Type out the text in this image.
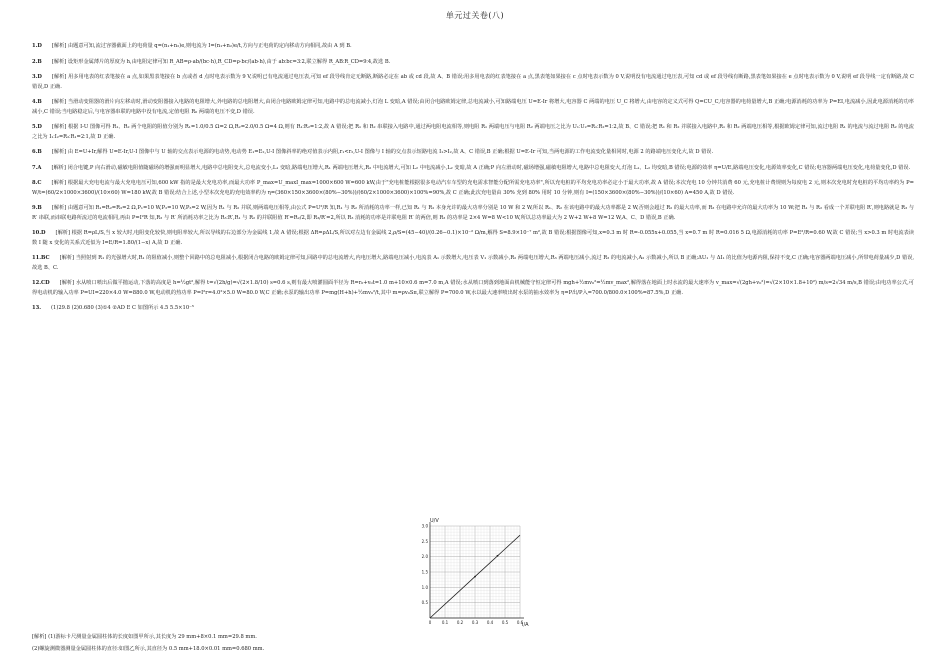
单元过关卷(八)

1.D [解析] 由题意可知,流过容器截面上的电荷量 q=(n₁+n₂)e,则电流为 I=(n₁+n₂)e/t,方向与正电荷的定向移动方向相同,故由 A 到 B.

2.B [解析] 设矩形金属薄片的厚度为 h,由电阻定律可知 R_AB=ρ·ab/(bc·h),R_CD=ρ·bc/(ab·h),由于 ab∶bc=3∶2,联立解得 R_AB∶R_CD=9∶4,故选 B.

3.D [解析] 用多用电表的红表笔接在 a 点,如果黑表笔接在 b 点或者 d 点时电表示数为 9 V,说明已有电流通过电压表,可知 ef 段导线肯定无断路,断路必定在 ab 或 cd 段,故 A、B 错误;用多用电表的红表笔接在 a 点,黑表笔如果接在 c 点时电表示数为 0 V,说明没有电流通过电压表,可知 cd 或 ef 段导线有断路,黑表笔如果接在 e 点时电表示数为 0 V,说明 ef 段导线一定有断路,故 C 错误,D 正确.

4.B [解析] 当滑动变阻器的滑片向左移动时,滑动变阻器接入电路的电阻增大,外电路的总电阻增大,由闭合电路欧姆定律可知,电路中的总电流减小,灯泡 L 变暗,A 错误;由闭合电路欧姆定律,总电流减小,可知路端电压 U=E-Ir 将增大,电容器 C 两端的电压 U_C 将增大,由电容的定义式可得 Q=CU_C,电容器的电荷量增大,B 正确;电源消耗的功率为 P=EI,电流减小,因此电源消耗的功率减小,C 错误;当电路稳定后,与电容器串联的电路中没有电流,定值电阻 R₀ 两端的电压不变,D 错误.

5.D [解析] 根据 I-U 图像可得 R₁、R₂ 两个电阻的阻值分别为 R₁=1.0/0.5 Ω=2 Ω,R₂=2.0/0.5 Ω=4 Ω,则有 R₁∶R₂=1∶2,故 A 错误;把 R₁ 和 R₂ 串联接入电路中,通过两电阻电流相等,则电阻 R₁ 两端电压与电阻 R₂ 两端电压之比为 U₁∶U₂=R₁∶R₂=1∶2,故 B、C 错误;把 R₁ 和 R₂ 并联接入电路中,R₁ 和 R₂ 两端电压相等,根据欧姆定律可知,流过电阻 R₁ 的电流与流过电阻 R₂ 的电流之比为 I₁∶I₂=R₂∶R₁=2∶1,故 D 正确.

6.B [解析] 由 E=U+Ir,解得 U=E-Ir,U-I 图像中与 U 轴的交点表示电源的电动势,电动势 E₁=E₂,U-I 图像斜率的绝对值表示内阻,r₁<r₂,U-I 图像与 I 轴的交点表示短路电流 I₁>I₂,故 A、C 错误,B 正确;根据 U=E-Ir 可知,当两电源的工作电流变化量相同时,电源 2 的路端电压变化大,故 D 错误.

7.A [解析] 闭合电键,P 向右滑动,磁敏电阻值随磁场的增强而明显增大,电路中总电阻变大,总电流变小,L₁ 变暗,路端电压增大,R₁ 两端电压增大,R₂ 中电流增大,可知 L₂ 中电流减小,L₂ 变暗,故 A 正确;P 向左滑动时,磁场增强,磁敏电阻增大,电路中总电阻变大,灯泡 L₁、L₂ 均变暗,B 错误;电源的效率 η=U/E,路端电压变化,电源效率变化,C 错误;电容器两端电压变化,电荷量变化,D 错误.

8.C [解析] 根据最大充电电流与最大充电电压可知,600 kW 指的是最大充电功率,而最大功率 P_max=U_maxI_max=1000×600 W=600 kW,由于"充电桩能根据很多电动汽车车型的充电需求智能分配所需充电功率",所以充电桩的平均充电功率必定小于最大功率,故 A 错误;本次充电 10 分钟共消费 60 元,充电桩计费规则为每度电 2 元,则本次充电时充电桩的平均功率约为 P=W/t=(60/2×1000×3600)/(10×60) W=180 kW,故 B 错误;结合上述,小型本次充电的充电效率约为 η=(360×150×3600×(80%−30%))/(60/2×1000×3600)×100%=90%,故 C 正确;此次充电量由 30% 充到 80% 用时 10 分钟,则有 I=(150×3600×(80%−30%))/(10×60) A=450 A,故 D 错误.

9.B [解析] 由题意可知 R₁=R₂=R₃=2 Ω,P₁=10 W,P₂=10 W,P₃=2 W,因为 R₁ 与 R₂ 并联,则两端电压相等,由公式 P=U²/R 知,R₁ 与 R₂ 所消耗的功率一样,已知 R₁ 与 R₂ 本身允许的最大功率分别是 10 W 和 2 W,所以 R₁、R₂ 在该电路中的最大功率都是 2 W,否则会超过 R₂ 的最大功率,而 R₃ 在电路中允许的最大功率为 10 W;把 R₁ 与 R₂ 看成一个并联电阻 R′,则电路就是 R₃ 与 R′ 串联,而串联电路所流过的电流相同,再由 P=I²R 知,R₃ 与 R′ 所消耗功率之比为 R₃∶R′,R₁ 与 R₂ 的并联阻值 R′=R₂/2,即 R₃/R′=2,所以 R₃ 消耗的功率是并联电阻 R′ 的两倍,则 R₃ 的功率是 2×4 W=8 W<10 W,所以总功率最大为 2 W+2 W+8 W=12 W,A、C、D 错误,B 正确.

10.D [解析] 根据 R=ρL/S,当 x 较大时,电阻变化较快,则电阻率较大,所以导线的右边部分为金属线 1,故 A 错误;根据 ΔR=ρΔL/S,所以对左边有金属线 2,ρ/S=(45−40)/(0.26−0.1)×10⁻² Ω/m,解得 S=8.9×10⁻⁷ m²,故 B 错误;根据图像可知,x=0.3 m 时 R=-0.055x+0.055,当 x=0.7 m 时 R=0.016 5 Ω,电源消耗的功率 P=E²/R=0.60 W,故 C 错误;当 x>0.3 m 时电流表读数 I 随 x 变化的关系式近似为 I=E/R=1.80/(1−x) A,故 D 正确.

11.BC [解析] 当照射到 R₁ 的光强增大时,R₁ 的阻值减小,则整个回路中的总电阻减小,根据闭合电路的欧姆定律可知,回路中的总电流增大,内电压增大,路端电压减小,电流表 A₁ 示数增大,电压表 V₁ 示数减小,R₂ 两端电压增大,R₃ 两端电压减小,流过 R₃ 的电流减小,A₂ 示数减小,所以 B 正确;ΔU₁ 与 ΔI₁ 的比值为电源内阻,保持不变,C 正确;电容器两端电压减小,所带电荷量减少,D 错误,故选 B、C.

12.CD [解析] 水从喷口喷出后做平抛运动,下落的高度是 h=½gt²,解得 t=√(2h/g)=√(2×1.8/10) s=0.6 s,则有最大喷灌圆面半径为 R=r₀+v₀t=1.0 m+10×0.6 m=7.0 m,A 错误;水从喷口到落到地面由机械能守恒定律可得 mgh+½mv₀²=½mv_max²,解得落在地面上时水流的最大速率为 v_max=√(2gh+v₀²)=√(2×10×1.8+10²) m/s=2√34 m/s,B 错误;由电功率公式,可得电动机的输入功率 P=UI=220×4.0 W=880.0 W,电动机的热功率 P=I²r=4.0²×5.0 W=80.0 W,C 正确;水泵的输出功率 P=mg(H+h)+½mv₀²/t,其中 m=ρv₀Sπ,联立解得 P=700.0 W,水以最大速率喷出时水泵的抽水效率为 η=P出/P入=700.0/800.0×100%=87.5%,D 正确.

13. (1)29.8 (2)0.680 (3)①4 ②AD E C 如图所示 4.5 5.5×10⁻⁵

0	0.1 0.2 0.3 0.4 0.5 0.6
0.5
1.0
1.5
2.0
2.5
3.0
U/V
I/A

[解析] (1)游标卡尺测量金属圆柱体的长度如图甲所示,其长度为 29 mm+8×0.1 mm=29.8 mm.

(2)螺旋测微器测量金属圆柱体的直径:如图乙所示,其直径为 0.5 mm+18.0×0.01 mm=0.680 mm.
